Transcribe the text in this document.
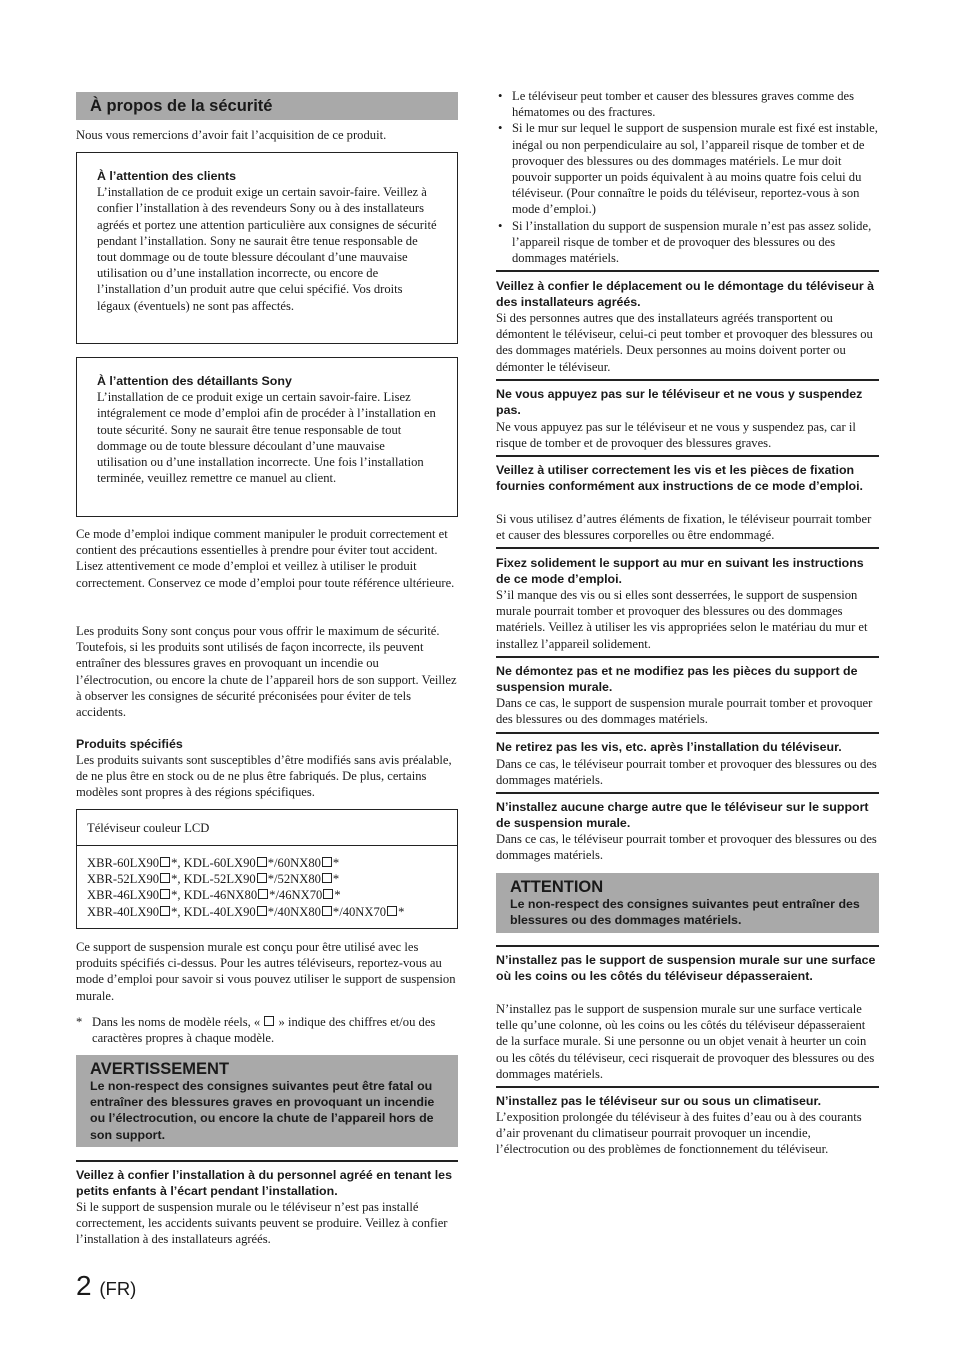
À propos de la sécurité

Nous vous remercions d’avoir fait l’acquisition de ce produit.

À l’attention des clients

L’installation de ce produit exige un certain savoir-faire. Veillez à confier l’installation à des revendeurs Sony ou à des installateurs agréés et portez une attention particulière aux consignes de sécurité pendant l’installation. Sony ne saurait être tenue responsable de tout dommage ou de toute blessure découlant d’une mauvaise utilisation ou d’une installation incorrecte, ou encore de l’installation d’un produit autre que celui spécifié. Vos droits légaux (éventuels) ne sont pas affectés.

À l’attention des détaillants Sony

L’installation de ce produit exige un certain savoir-faire. Lisez intégralement ce mode d’emploi afin de procéder à l’installation en toute sécurité. Sony ne saurait être tenue responsable de tout dommage ou de toute blessure découlant d’une mauvaise utilisation ou d’une installation incorrecte. Une fois l’installation terminée, veuillez remettre ce manuel au client.

Ce mode d’emploi indique comment manipuler le produit correctement et contient des précautions essentielles à prendre pour éviter tout accident. Lisez attentivement ce mode d’emploi et veillez à utiliser le produit correctement. Conservez ce mode d’emploi pour toute référence ultérieure.

Les produits Sony sont conçus pour vous offrir le maximum de sécurité. Toutefois, si les produits sont utilisés de façon incorrecte, ils peuvent entraîner des blessures graves en provoquant un incendie ou l’électrocution, ou encore la chute de l’appareil hors de son support. Veillez à observer les consignes de sécurité préconisées pour éviter de tels accidents.

Produits spécifiés

Les produits suivants sont susceptibles d’être modifiés sans avis préalable, de ne plus être en stock ou de ne plus être fabriqués. De plus, certains modèles sont propres à des régions spécifiques.

Téléviseur couleur LCD
XBR-60LX90 *, KDL-60LX90 */60NX80 *
XBR-52LX90 *, KDL-52LX90 */52NX80 *
XBR-46LX90 *, KDL-46NX80 */46NX70 *
XBR-40LX90 *, KDL-40LX90 */40NX80 */40NX70 *

Ce support de suspension murale est conçu pour être utilisé avec les produits spécifiés ci-dessus. Pour les autres téléviseurs, reportez-vous au mode d’emploi pour savoir si vous pouvez utiliser le support de suspension murale.

* Dans les noms de modèle réels, «  » indique des chiffres et/ou des caractères propres à chaque modèle.
AVERTISSEMENT
Le non-respect des consignes suivantes peut être fatal ou entraîner des blessures graves en provoquant un incendie ou l’électrocution, ou encore la chute de l’appareil hors de son support.
Veillez à confier l’installation à du personnel agréé en tenant les petits enfants à l’écart pendant l’installation.

Si le support de suspension murale ou le téléviseur n’est pas installé correctement, les accidents suivants peuvent se produire. Veillez à confier l’installation à des installateurs agréés.

2 (FR)
• Le téléviseur peut tomber et causer des blessures graves comme des hématomes ou des fractures.
• Si le mur sur lequel le support de suspension murale est fixé est instable, inégal ou non perpendiculaire au sol, l’appareil risque de tomber et de provoquer des blessures ou des dommages matériels. Le mur doit pouvoir supporter un poids équivalent à au moins quatre fois celui du téléviseur. (Pour connaître le poids du téléviseur, reportez-vous à son mode d’emploi.)
• Si l’installation du support de suspension murale n’est pas assez solide, l’appareil risque de tomber et de provoquer des blessures ou des dommages matériels.
Veillez à confier le déplacement ou le démontage du téléviseur à des installateurs agréés.

Si des personnes autres que des installateurs agréés transportent ou démontent le téléviseur, celui-ci peut tomber et provoquer des blessures ou des dommages matériels. Deux personnes au moins doivent porter ou démonter le téléviseur.

Ne vous appuyez pas sur le téléviseur et ne vous y suspendez pas.

Ne vous appuyez pas sur le téléviseur et ne vous y suspendez pas, car il risque de tomber et de provoquer des blessures graves.

Veillez à utiliser correctement les vis et les pièces de fixation fournies conformément aux instructions de ce mode d’emploi.

Si vous utilisez d’autres éléments de fixation, le téléviseur pourrait tomber et causer des blessures corporelles ou être endommagé.

Fixez solidement le support au mur en suivant les instructions de ce mode d’emploi.

S’il manque des vis ou si elles sont desserrées, le support de suspension murale pourrait tomber et provoquer des blessures ou des dommages matériels. Veillez à utiliser les vis appropriées selon le matériau du mur et installez l’appareil solidement.

Ne démontez pas et ne modifiez pas les pièces du support de suspension murale.

Dans ce cas, le support de suspension murale pourrait tomber et provoquer des blessures ou des dommages matériels.

Ne retirez pas les vis, etc. après l’installation du téléviseur.

Dans ce cas, le téléviseur pourrait tomber et provoquer des blessures ou des dommages matériels.

N’installez aucune charge autre que le téléviseur sur le support de suspension murale.

Dans ce cas, le téléviseur pourrait tomber et provoquer des blessures ou des dommages matériels.

ATTENTION
Le non-respect des consignes suivantes peut entraîner des blessures ou des dommages matériels.
N’installez pas le support de suspension murale sur une surface où les coins ou les côtés du téléviseur dépasseraient.

N’installez pas le support de suspension murale sur une surface verticale telle qu’une colonne, où les coins ou les côtés du téléviseur dépasseraient de la surface murale. Si une personne ou un objet venait à heurter un coin ou les côtés du téléviseur, ceci risquerait de provoquer des blessures ou des dommages matériels.

N’installez pas le téléviseur sur ou sous un climatiseur.

L’exposition prolongée du téléviseur à des fuites d’eau ou à des courants d’air provenant du climatiseur pourrait provoquer un incendie, l’électrocution ou des problèmes de fonctionnement du téléviseur.
